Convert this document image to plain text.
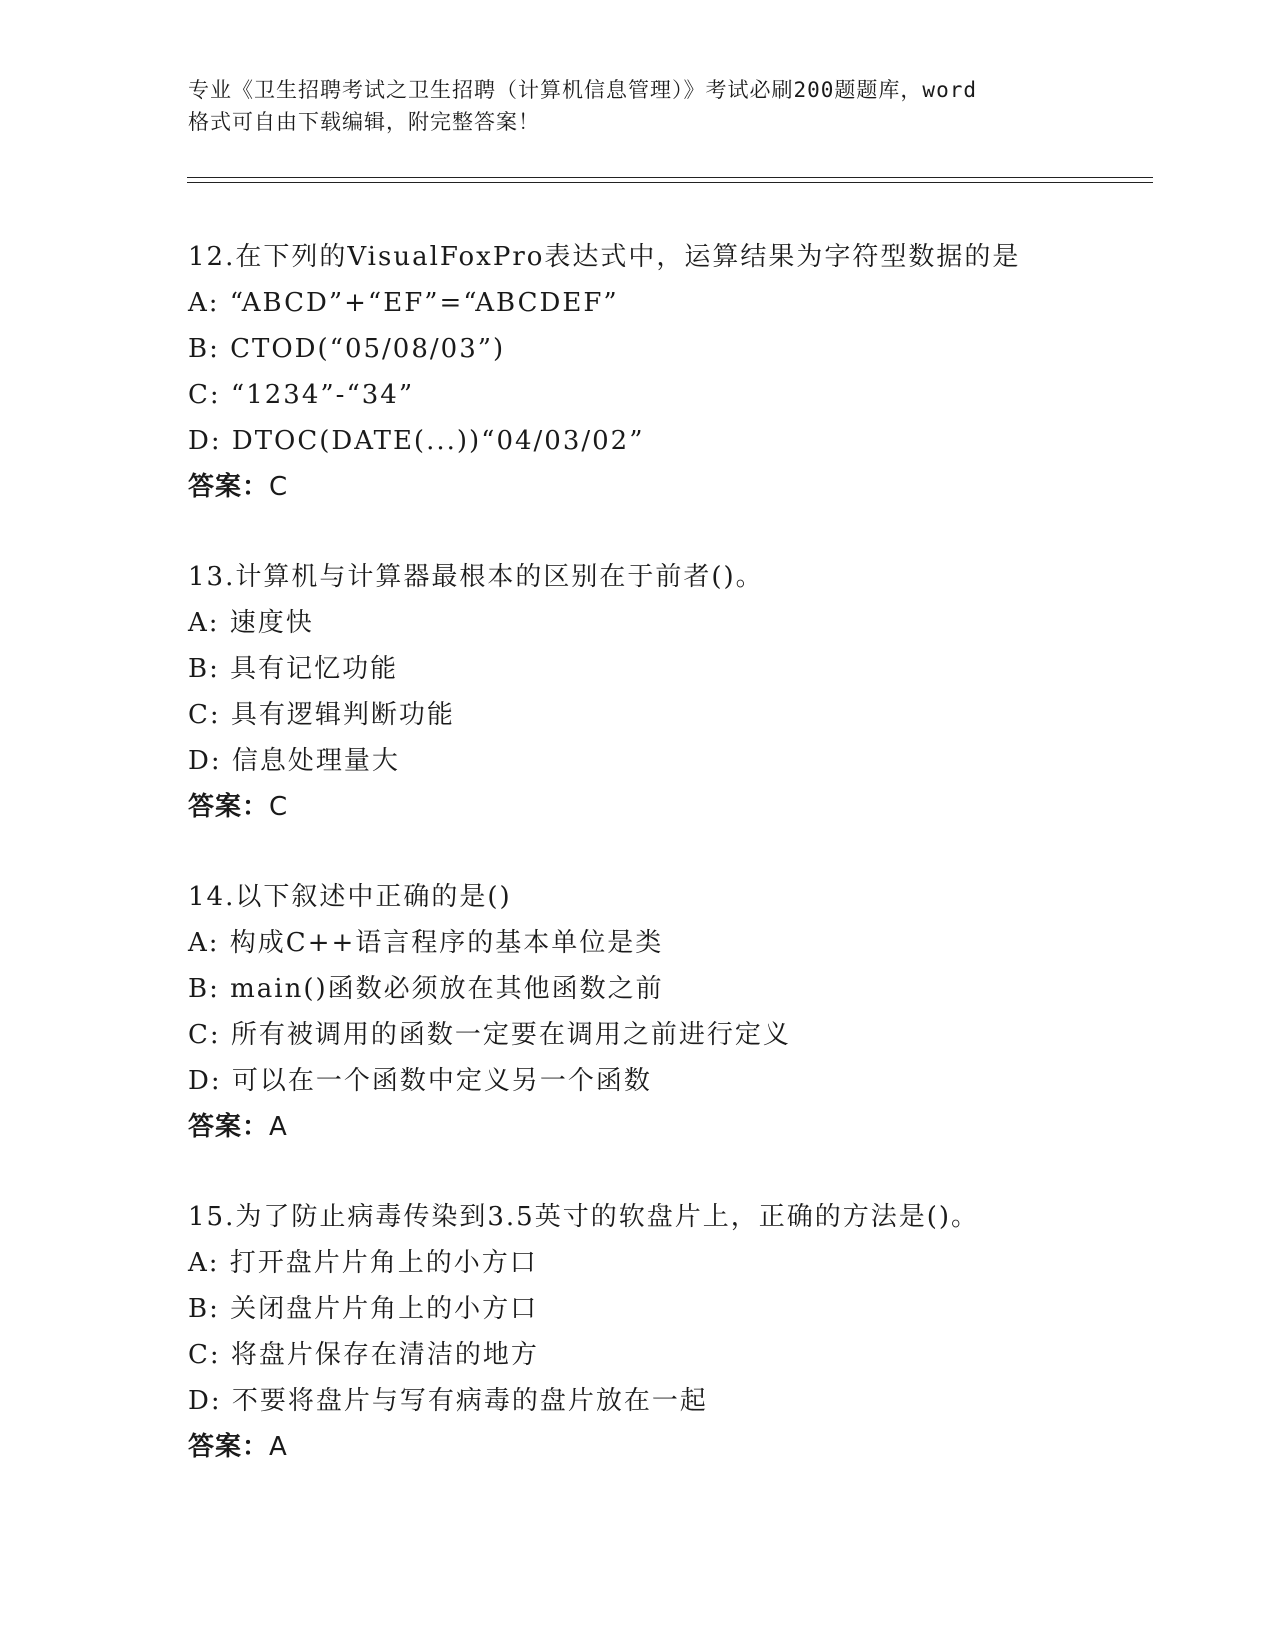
专业《卫生招聘考试之卫生招聘（计算机信息管理）》考试必刷200题题库，word
格式可自由下载编辑，附完整答案！
12.在下列的VisualFoxPro表达式中，运算结果为字符型数据的是
A: “ABCD”+“EF”=“ABCDEF”
B: CTOD(“05/08/03”)
C: “1234”-“34”
D: DTOC(DATE(...))“04/03/02”
答案：C
13.计算机与计算器最根本的区别在于前者()。
A: 速度快
B: 具有记忆功能
C: 具有逻辑判断功能
D: 信息处理量大
答案：C
14.以下叙述中正确的是()
A: 构成C++语言程序的基本单位是类
B: main()函数必须放在其他函数之前
C: 所有被调用的函数一定要在调用之前进行定义
D: 可以在一个函数中定义另一个函数
答案：A
15.为了防止病毒传染到3.5英寸的软盘片上，正确的方法是()。
A: 打开盘片片角上的小方口
B: 关闭盘片片角上的小方口
C: 将盘片保存在清洁的地方
D: 不要将盘片与写有病毒的盘片放在一起
答案：A
